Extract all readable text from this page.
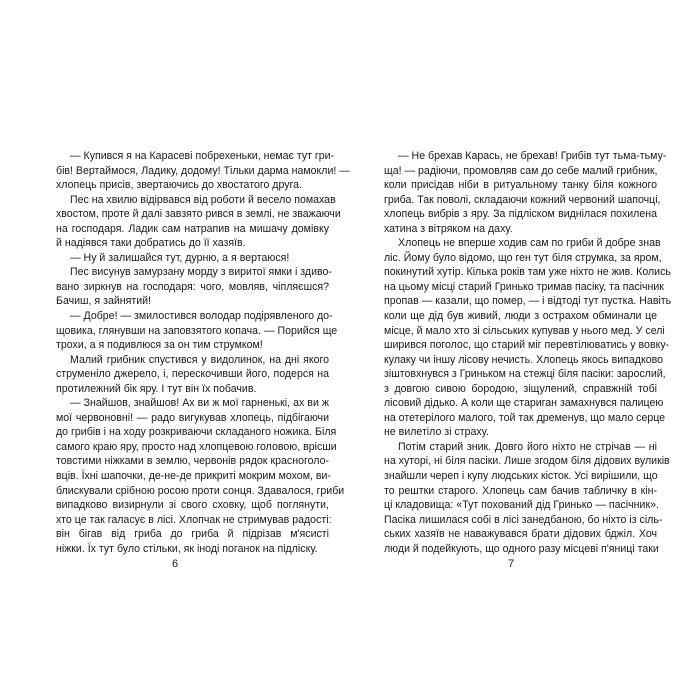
— Купився я на Карасеві побрехеньки, немає тут гри-
бів! Вертаймося, Ладику, додому! Тільки дарма намокли! —
хлопець присів, звертаючись до хвостатого друга.
Пес на хвилю відірвався від роботи й весело помахав
хвостом, проте й далі завзято рився в землі, не зважаючи
на господаря. Ладик сам натрапив на мишачу домівку
й надіявся таки добратись до її хазяїв.
— Ну й залишайся тут, дурню, а я вертаюся!
Пес висунув замурзану морду з виритої ямки і здиво-
вано зиркнув на господаря: чого, мовляв, чіпляєшся?
Бачиш, я зайнятий!
— Добре! — змилостився володар подірявленого до-
щовика, глянувши на заповзятого копача. — Порийся ще
трохи, а я подивлюся за он тим струмком!
Малий грибник спустився у видолинок, на дні якого
струменіло джерело, і, перескочивши його, подерся на
протилежний бік яру. І тут він їх побачив.
— Знайшов, знайшов! Ах ви ж мої гарненькі, ах ви ж
мої червоновні! — радо вигукував хлопець, підбігаючи
до грибів і на ходу розкриваючи складаного ножика. Біля
самого краю яру, просто над хлопцевою головою, врісши
товстими ніжками в землю, червонів рядок красноголо-
вців. Їхні шапочки, де-не-де прикриті мокрим мохом, ви-
блискували срібною росою проти сонця. Здавалося, гриби
випадково визирнули зі свого сховку, щоб поглянути,
хто це так галасує в лісі. Хлопчак не стримував радості:
він бігав від гриба до гриба й підрізав м'ясисті
ніжки. Їх тут було стільки, як іноді поганок на підліску.
6
— Не брехав Карась, не брехав! Грибів тут тьма-тьму-
ща! — радіючи, промовляв сам до себе малий грибник,
коли присідав ніби в ритуальному танку біля кожного
гриба. Так поволі, складаючи кожний червоний шапочці,
хлопець вибрів з яру. За підліском виднілася похилена
хатина з вітряком на даху.
Хлопець не вперше ходив сам по гриби й добре знав
ліс. Йому було відомо, що ген тут біля струмка, за яром,
покинутий хутір. Кілька років там уже ніхто не жив. Колись
на цьому місці старий Гринько тримав пасіку, та пасічник
пропав — казали, що помер, — і відтоді тут пустка. Навіть
коли ще дід був живий, люди з острахом обминали це
місце, й мало хто зі сільських купував у нього мед. У селі
ширився поголос, що старий міг перевтілюватись у вовку-
кулаку чи іншу лісову нечисть. Хлопець якось випадково
зіштовхнувся з Гриньком на стежці біля пасіки: зарослий,
з довгою сивою бородою, зіщулений, справжній тобі
лісовий дідько. А коли ще стариган замахнувся палицею
на отетерілого малого, той так дременув, що мало серце
не вилетіло зі страху.
Потім старий зник. Довго його ніхто не стрічав — ні
на хуторі, ні біля пасіки. Лише згодом біля дідових вуликів
знайшли череп і купу людських кісток. Усі вирішили, що
то рештки старого. Хлопець сам бачив табличку в кін-
ці кладовища: «Тут похований дід Гринько — пасічник».
Пасіка лишилася собі в лісі занедбаною, бо ніхто із сіль-
ських хазяїв не наважувався брати дідових бджіл. Хоч
люди й подейкують, що одного разу місцеві п'яниці таки
7
